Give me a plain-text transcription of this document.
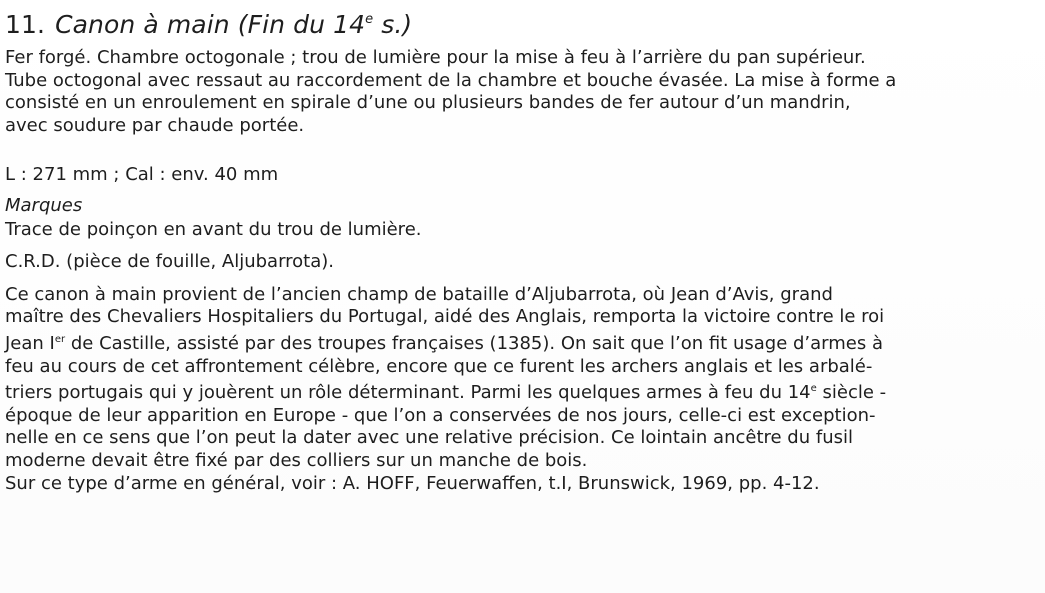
11. Canon à main (Fin du 14e s.)

Fer forgé. Chambre octogonale ; trou de lumière pour la mise à feu à l’arrière du pan supérieur.
Tube octogonal avec ressaut au raccordement de la chambre et bouche évasée. La mise à forme a
consisté en un enroulement en spirale d’une ou plusieurs bandes de fer autour d’un mandrin,
avec soudure par chaude portée.

L : 271 mm ; Cal : env. 40 mm

Marques

Trace de poinçon en avant du trou de lumière.

C.R.D. (pièce de fouille, Aljubarrota).

Ce canon à main provient de l’ancien champ de bataille d’Aljubarrota, où Jean d’Avis, grand
maître des Chevaliers Hospitaliers du Portugal, aidé des Anglais, remporta la victoire contre le roi
Jean Ier de Castille, assisté par des troupes françaises (1385). On sait que l’on fit usage d’armes à
feu au cours de cet affrontement célèbre, encore que ce furent les archers anglais et les arbalé-
triers portugais qui y jouèrent un rôle déterminant. Parmi les quelques armes à feu du 14e siècle -
époque de leur apparition en Europe - que l’on a conservées de nos jours, celle-ci est exception-
nelle en ce sens que l’on peut la dater avec une relative précision. Ce lointain ancêtre du fusil
moderne devait être fixé par des colliers sur un manche de bois.

Sur ce type d’arme en général, voir : A. HOFF, Feuerwaffen, t.I, Brunswick, 1969, pp. 4-12.
